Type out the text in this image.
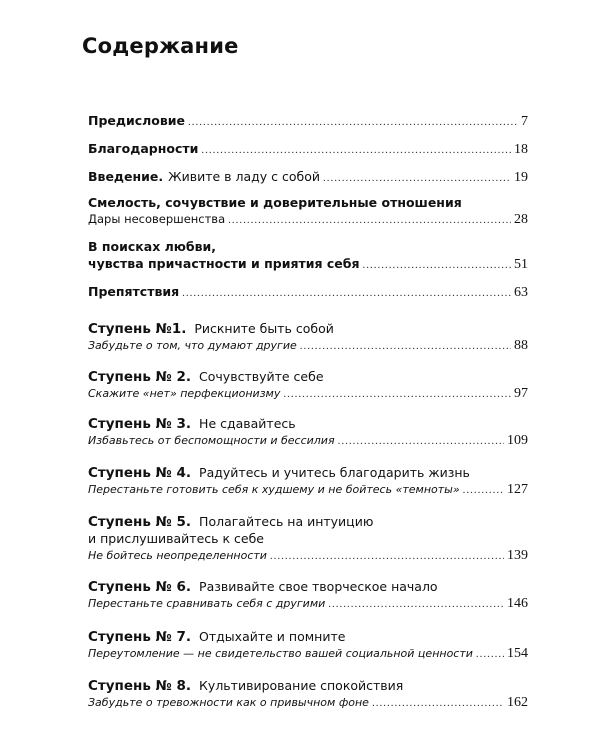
Содержание
Предисловие .....	7
Благодарности .....	18
Введение. Живите в ладу с собой .....	19
Смелость, сочувствие и доверительные отношения
Дары несовершенства .....	28
В поисках любви,
чувства причастности и приятия себя .....	51
Препятствия .....	63
Ступень №1. Рискните быть собой
Забудьте о том, что думают другие .....	88
Ступень № 2. Сочувствуйте себе
Скажите «нет» перфекционизму .....	97
Ступень № 3. Не сдавайтесь
Избавьтесь от беспомощности и бессилия .....	109
Ступень № 4. Радуйтесь и учитесь благодарить жизнь
Перестаньте готовить себя к худшему и не бойтесь «темноты» .....	127
Ступень № 5. Полагайтесь на интуицию
и прислушивайтесь к себе
Не бойтесь неопределенности .....	139
Ступень № 6. Развивайте свое творческое начало
Перестаньте сравнивать себя с другими .....	146
Ступень № 7. Отдыхайте и помните
Переутомление — не свидетельство вашей социальной ценности ..... 154
Ступень № 8. Культивирование спокойствия
Забудьте о тревожности как о привычном фоне .....	162
